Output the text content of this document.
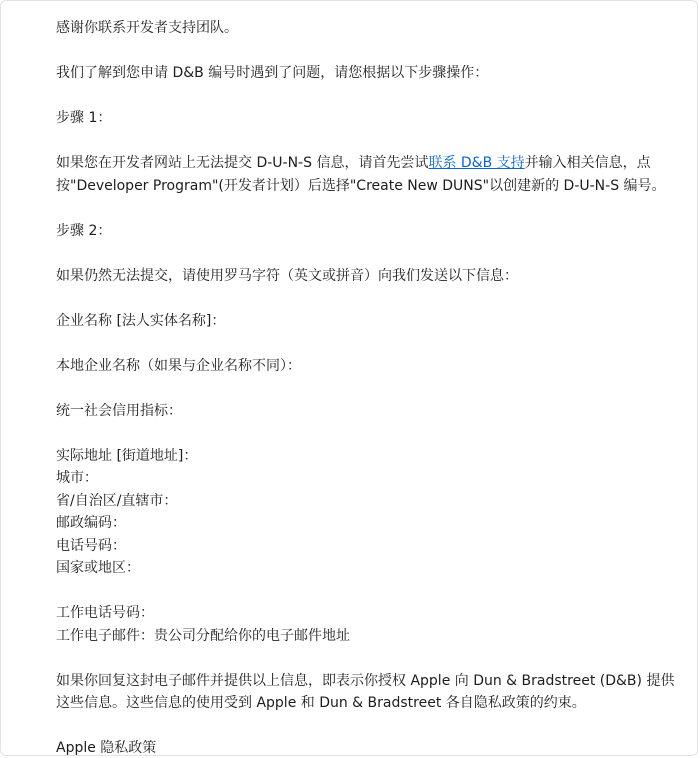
感谢你联系开发者支持团队。

我们了解到您申请 D&B 编号时遇到了问题，请您根据以下步骤操作：

步骤 1：

如果您在开发者网站上无法提交 D-U-N-S 信息，请首先尝试联系 D&B 支持并输入相关信息，点
按"Developer Program"(开发者计划）后选择"Create New DUNS"以创建新的 D-U-N-S 编号。

步骤 2：

如果仍然无法提交，请使用罗马字符（英文或拼音）向我们发送以下信息：

企业名称 [法人实体名称]：

本地企业名称（如果与企业名称不同）：

统一社会信用指标：

实际地址 [街道地址]：
城市：
省/自治区/直辖市：
邮政编码：
电话号码：
国家或地区：

工作电话号码：
工作电子邮件：贵公司分配给你的电子邮件地址

如果你回复这封电子邮件并提供以上信息，即表示你授权 Apple 向 Dun & Bradstreet (D&B) 提供
这些信息。这些信息的使用受到 Apple 和 Dun & Bradstreet 各自隐私政策的约束。

Apple 隐私政策
